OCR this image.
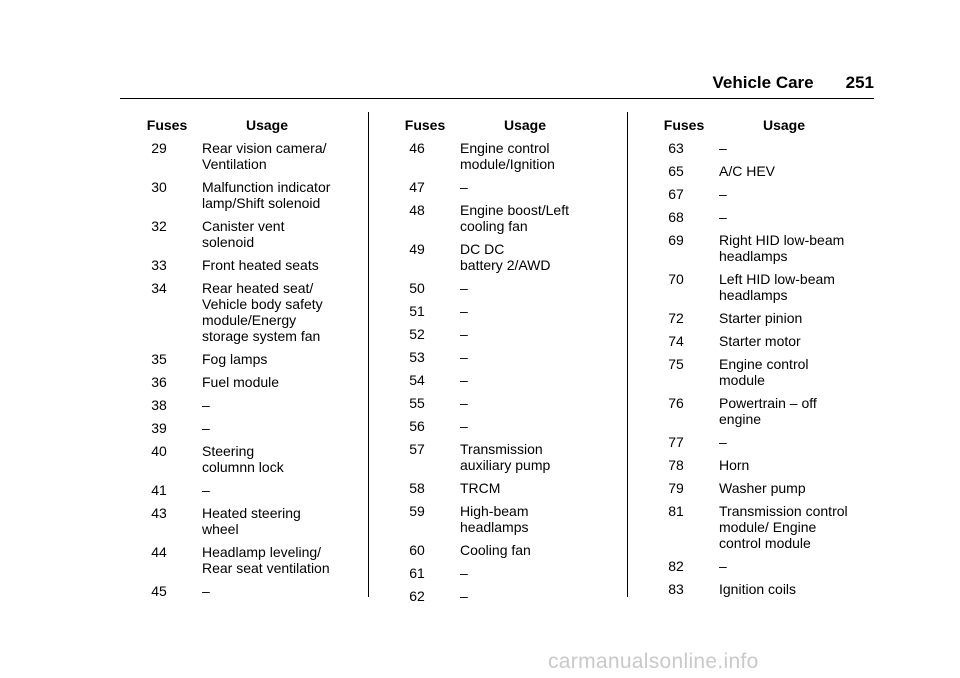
Vehicle Care 251
Fuses	Usage
29	Rear vision camera/
Ventilation
30	Malfunction indicator
lamp/Shift solenoid
32	Canister vent
solenoid
33	Front heated seats
34	Rear heated seat/
Vehicle body safety
module/Energy
storage system fan
35	Fog lamps
36	Fuel module
38	–
39	–
40	Steering
columnn lock
41	–
43	Heated steering
wheel
44	Headlamp leveling/
Rear seat ventilation
45	–
Fuses	Usage
46	Engine control
module/Ignition
47	–
48	Engine boost/Left
cooling fan
49	DC DC
battery 2/AWD
50	–
51	–
52	–
53	–
54	–
55	–
56	–
57	Transmission
auxiliary pump
58	TRCM
59	High-beam
headlamps
60	Cooling fan
61	–
62	–
Fuses	Usage
63	–
65	A/C HEV
67	–
68	–
69	Right HID low-beam
headlamps
70	Left HID low-beam
headlamps
72	Starter pinion
74	Starter motor
75	Engine control
module
76	Powertrain – off
engine
77	–
78	Horn
79	Washer pump
81	Transmission control
module/ Engine
control module
82	–
83	Ignition coils
carmanualsonline.info
